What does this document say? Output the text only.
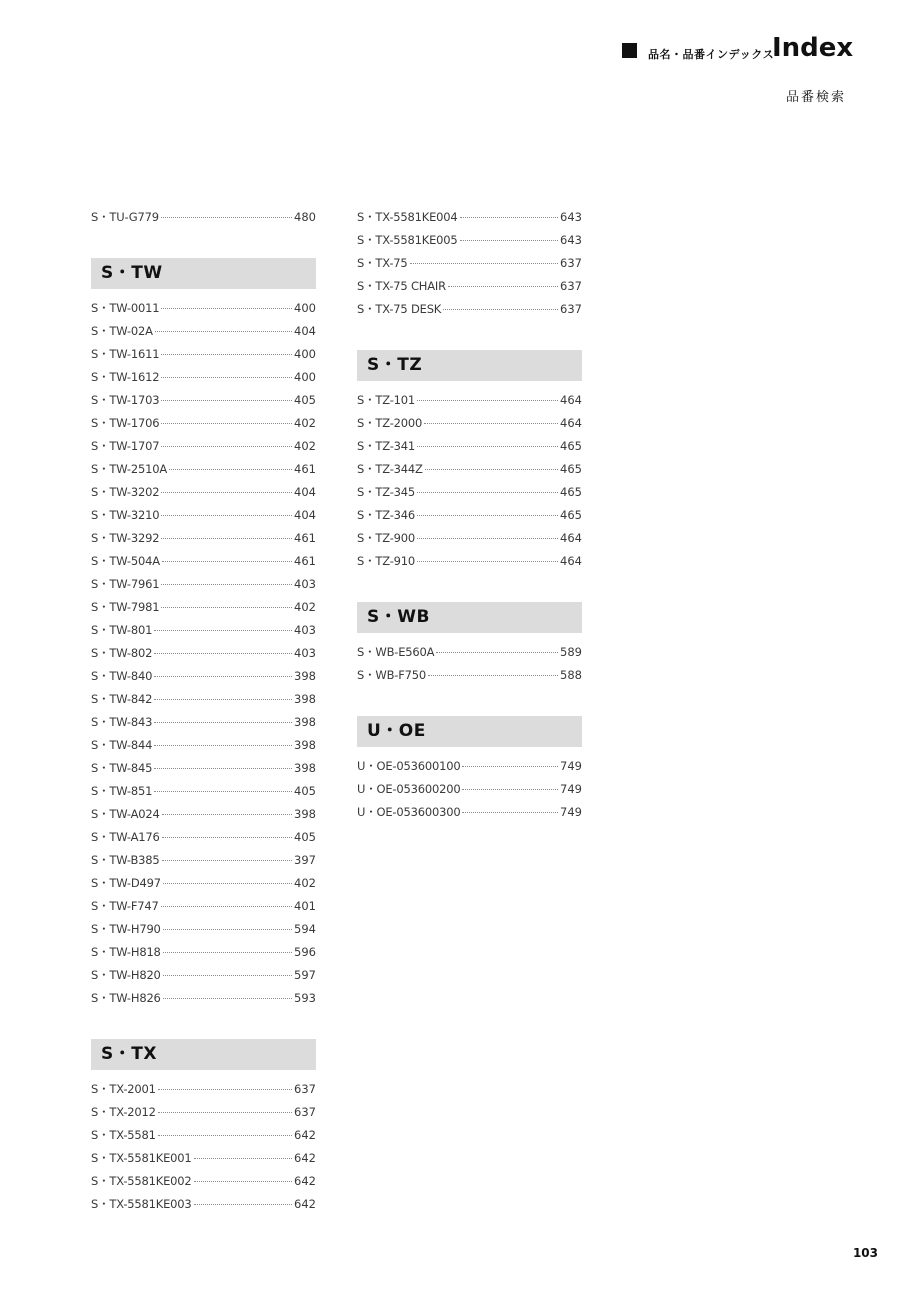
品名・品番インデックス
Index
品番検索
S・TU-G779	480
S・TW
S・TW-0011	400
S・TW-02A	404
S・TW-1611	400
S・TW-1612	400
S・TW-1703	405
S・TW-1706	402
S・TW-1707	402
S・TW-2510A	461
S・TW-3202	404
S・TW-3210	404
S・TW-3292	461
S・TW-504A	461
S・TW-7961	403
S・TW-7981	402
S・TW-801	403
S・TW-802	403
S・TW-840	398
S・TW-842	398
S・TW-843	398
S・TW-844	398
S・TW-845	398
S・TW-851	405
S・TW-A024	398
S・TW-A176	405
S・TW-B385	397
S・TW-D497	402
S・TW-F747	401
S・TW-H790	594
S・TW-H818	596
S・TW-H820	597
S・TW-H826	593
S・TX
S・TX-2001	637
S・TX-2012	637
S・TX-5581	642
S・TX-5581KE001	642
S・TX-5581KE002	642
S・TX-5581KE003	642
S・TX-5581KE004	643
S・TX-5581KE005	643
S・TX-75	637
S・TX-75 CHAIR	637
S・TX-75 DESK	637
S・TZ
S・TZ-101	464
S・TZ-2000	464
S・TZ-341	465
S・TZ-344Z	465
S・TZ-345	465
S・TZ-346	465
S・TZ-900	464
S・TZ-910	464
S・WB
S・WB-E560A	589
S・WB-F750	588
U・OE
U・OE-053600100	749
U・OE-053600200	749
U・OE-053600300	749
103
